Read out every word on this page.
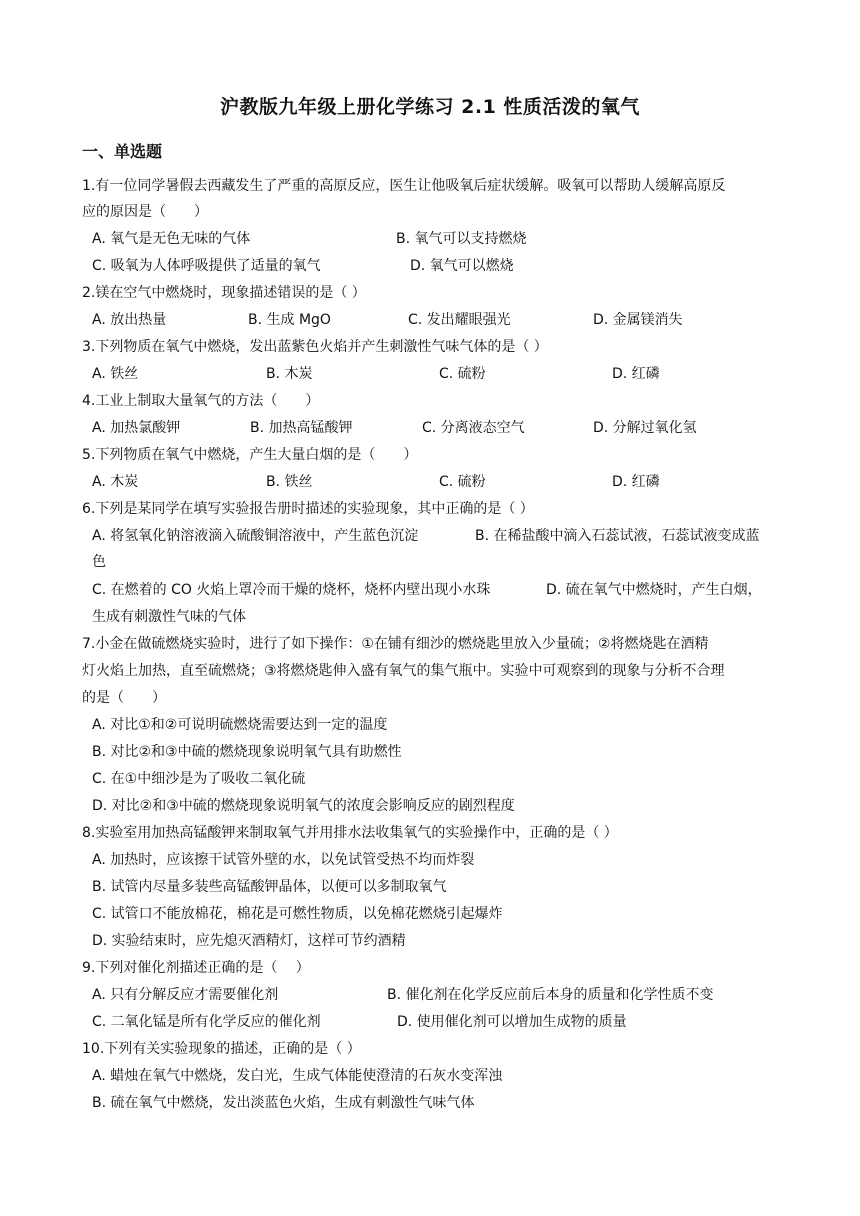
沪教版九年级上册化学练习 2.1 性质活泼的氧气
一、单选题
1.有一位同学暑假去西藏发生了严重的高原反应，医生让他吸氧后症状缓解。吸氧可以帮助人缓解高原反
应的原因是（　　）
A. 氧气是无色无味的气体	B. 氧气可以支持燃烧
C. 吸氧为人体呼吸提供了适量的氧气	D. 氧气可以燃烧
2.镁在空气中燃烧时，现象描述错误的是（ ）
A. 放出热量	B. 生成 MgO	C. 发出耀眼强光	D. 金属镁消失
3.下列物质在氧气中燃烧，发出蓝紫色火焰并产生刺激性气味气体的是（ ）
A. 铁丝	B. 木炭	C. 硫粉	D. 红磷
4.工业上制取大量氧气的方法（　　）
A. 加热氯酸钾	B. 加热高锰酸钾	C. 分离液态空气	D. 分解过氧化氢
5.下列物质在氧气中燃烧，产生大量白烟的是（　　）
A. 木炭	B. 铁丝	C. 硫粉	D. 红磷
6.下列是某同学在填写实验报告册时描述的实验现象，其中正确的是（ ）
A. 将氢氧化钠溶液滴入硫酸铜溶液中，产生蓝色沉淀	B. 在稀盐酸中滴入石蕊试液，石蕊试液变成蓝
色
C. 在燃着的 CO 火焰上罩冷而干燥的烧杯，烧杯内壁出现小水珠	D. 硫在氧气中燃烧时，产生白烟，
生成有刺激性气味的气体
7.小金在做硫燃烧实验时，进行了如下操作：①在铺有细沙的燃烧匙里放入少量硫；②将燃烧匙在酒精
灯火焰上加热，直至硫燃烧；③将燃烧匙伸入盛有氧气的集气瓶中。实验中可观察到的现象与分析不合理
的是（　　）
A. 对比①和②可说明硫燃烧需要达到一定的温度
B. 对比②和③中硫的燃烧现象说明氧气具有助燃性
C. 在①中细沙是为了吸收二氧化硫
D. 对比②和③中硫的燃烧现象说明氧气的浓度会影响反应的剧烈程度
8.实验室用加热高锰酸钾来制取氧气并用排水法收集氧气的实验操作中，正确的是（ ）
A. 加热时，应该擦干试管外壁的水，以免试管受热不均而炸裂
B. 试管内尽量多装些高锰酸钾晶体，以便可以多制取氧气
C. 试管口不能放棉花，棉花是可燃性物质，以免棉花燃烧引起爆炸
D. 实验结束时，应先熄灭酒精灯，这样可节约酒精
9.下列对催化剂描述正确的是（　 ）
A. 只有分解反应才需要催化剂	B. 催化剂在化学反应前后本身的质量和化学性质不变
C. 二氧化锰是所有化学反应的催化剂	D. 使用催化剂可以增加生成物的质量
10.下列有关实验现象的描述，正确的是（ ）
A. 蜡烛在氧气中燃烧，发白光，生成气体能使澄清的石灰水变浑浊
B. 硫在氧气中燃烧，发出淡蓝色火焰，生成有刺激性气味气体
